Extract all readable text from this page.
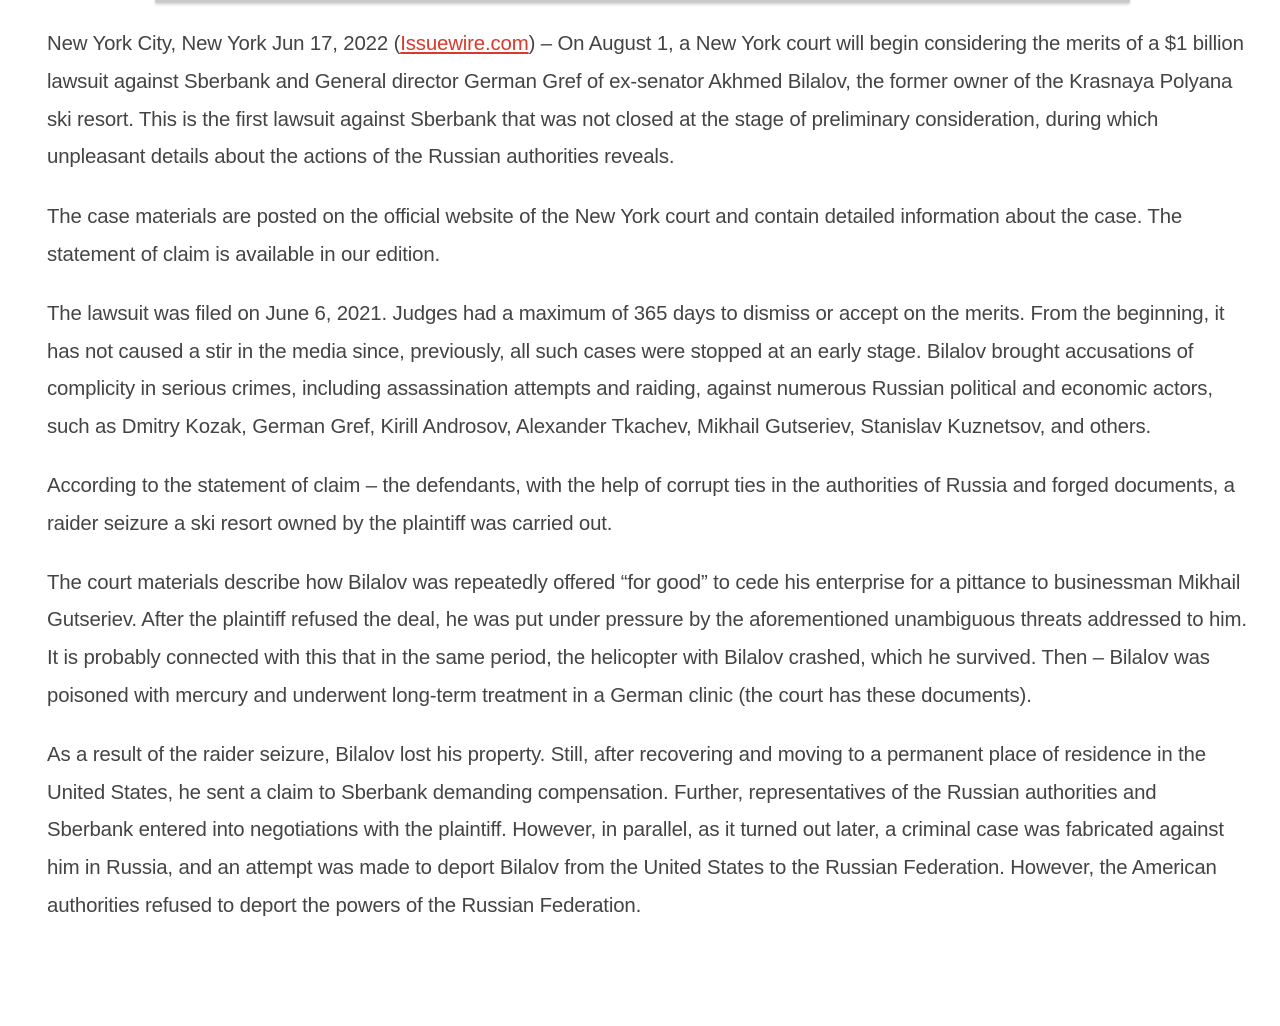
New York City, New York Jun 17, 2022 (Issuewire.com) – On August 1, a New York court will begin considering the merits of a $1 billion lawsuit against Sberbank and General director German Gref of ex-senator Akhmed Bilalov, the former owner of the Krasnaya Polyana ski resort. This is the first lawsuit against Sberbank that was not closed at the stage of preliminary consideration, during which unpleasant details about the actions of the Russian authorities reveals.

The case materials are posted on the official website of the New York court and contain detailed information about the case. The statement of claim is available in our edition.

The lawsuit was filed on June 6, 2021. Judges had a maximum of 365 days to dismiss or accept on the merits. From the beginning, it has not caused a stir in the media since, previously, all such cases were stopped at an early stage. Bilalov brought accusations of complicity in serious crimes, including assassination attempts and raiding, against numerous Russian political and economic actors, such as Dmitry Kozak, German Gref, Kirill Androsov, Alexander Tkachev, Mikhail Gutseriev, Stanislav Kuznetsov, and others.

According to the statement of claim – the defendants, with the help of corrupt ties in the authorities of Russia and forged documents, a raider seizure a ski resort owned by the plaintiff was carried out.

The court materials describe how Bilalov was repeatedly offered “for good” to cede his enterprise for a pittance to businessman Mikhail Gutseriev. After the plaintiff refused the deal, he was put under pressure by the aforementioned unambiguous threats addressed to him. It is probably connected with this that in the same period, the helicopter with Bilalov crashed, which he survived. Then – Bilalov was poisoned with mercury and underwent long-term treatment in a German clinic (the court has these documents).

As a result of the raider seizure, Bilalov lost his property. Still, after recovering and moving to a permanent place of residence in the United States, he sent a claim to Sberbank demanding compensation. Further, representatives of the Russian authorities and Sberbank entered into negotiations with the plaintiff. However, in parallel, as it turned out later, a criminal case was fabricated against him in Russia, and an attempt was made to deport Bilalov from the United States to the Russian Federation. However, the American authorities refused to deport the powers of the Russian Federation.
